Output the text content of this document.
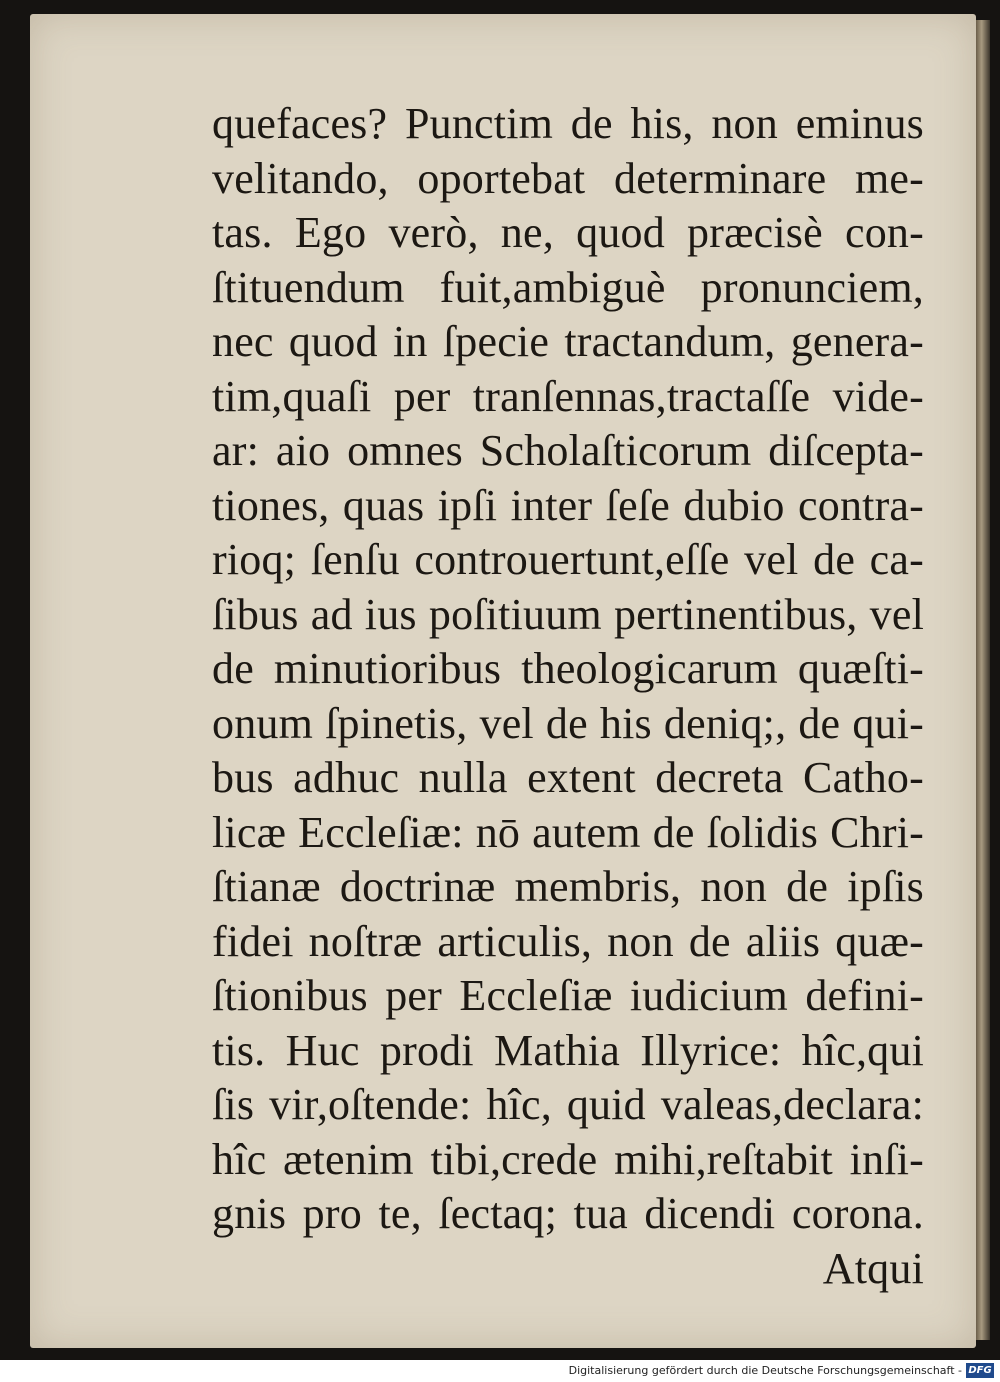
quefaces? Punctim de his, non eminus
velitando, oportebat determinare me-
tas. Ego verò, ne, quod præcisè con-
ſtituendum fuit,ambiguè pronunciem,
nec quod in ſpecie tractandum, genera-
tim,quaſi per tranſennas,tractaſſe vide-
ar: aio omnes Scholaſticorum diſcepta-
tiones, quas ipſi inter ſeſe dubio contra-
rioq; ſenſu controuertunt,eſſe vel de ca-
ſibus ad ius poſitiuum pertinentibus, vel
de minutioribus theologicarum quæſti-
onum ſpinetis, vel de his deniq;, de qui-
bus adhuc nulla extent decreta Catho-
licæ Eccleſiæ: nō autem de ſolidis Chri-
ſtianæ doctrinæ membris, non de ipſis
fidei noſtræ articulis, non de aliis quæ-
ſtionibus per Eccleſiæ iudicium defini-
tis. Huc prodi Mathia Illyrice: hîc,qui
ſis vir,oſtende: hîc, quid valeas,declara:
hîc ætenim tibi,crede mihi,reſtabit inſi-
gnis pro te, ſectaq; tua dicendi corona.
Atqui
Digitalisierung gefördert durch die Deutsche Forschungsgemeinschaft - DFG
